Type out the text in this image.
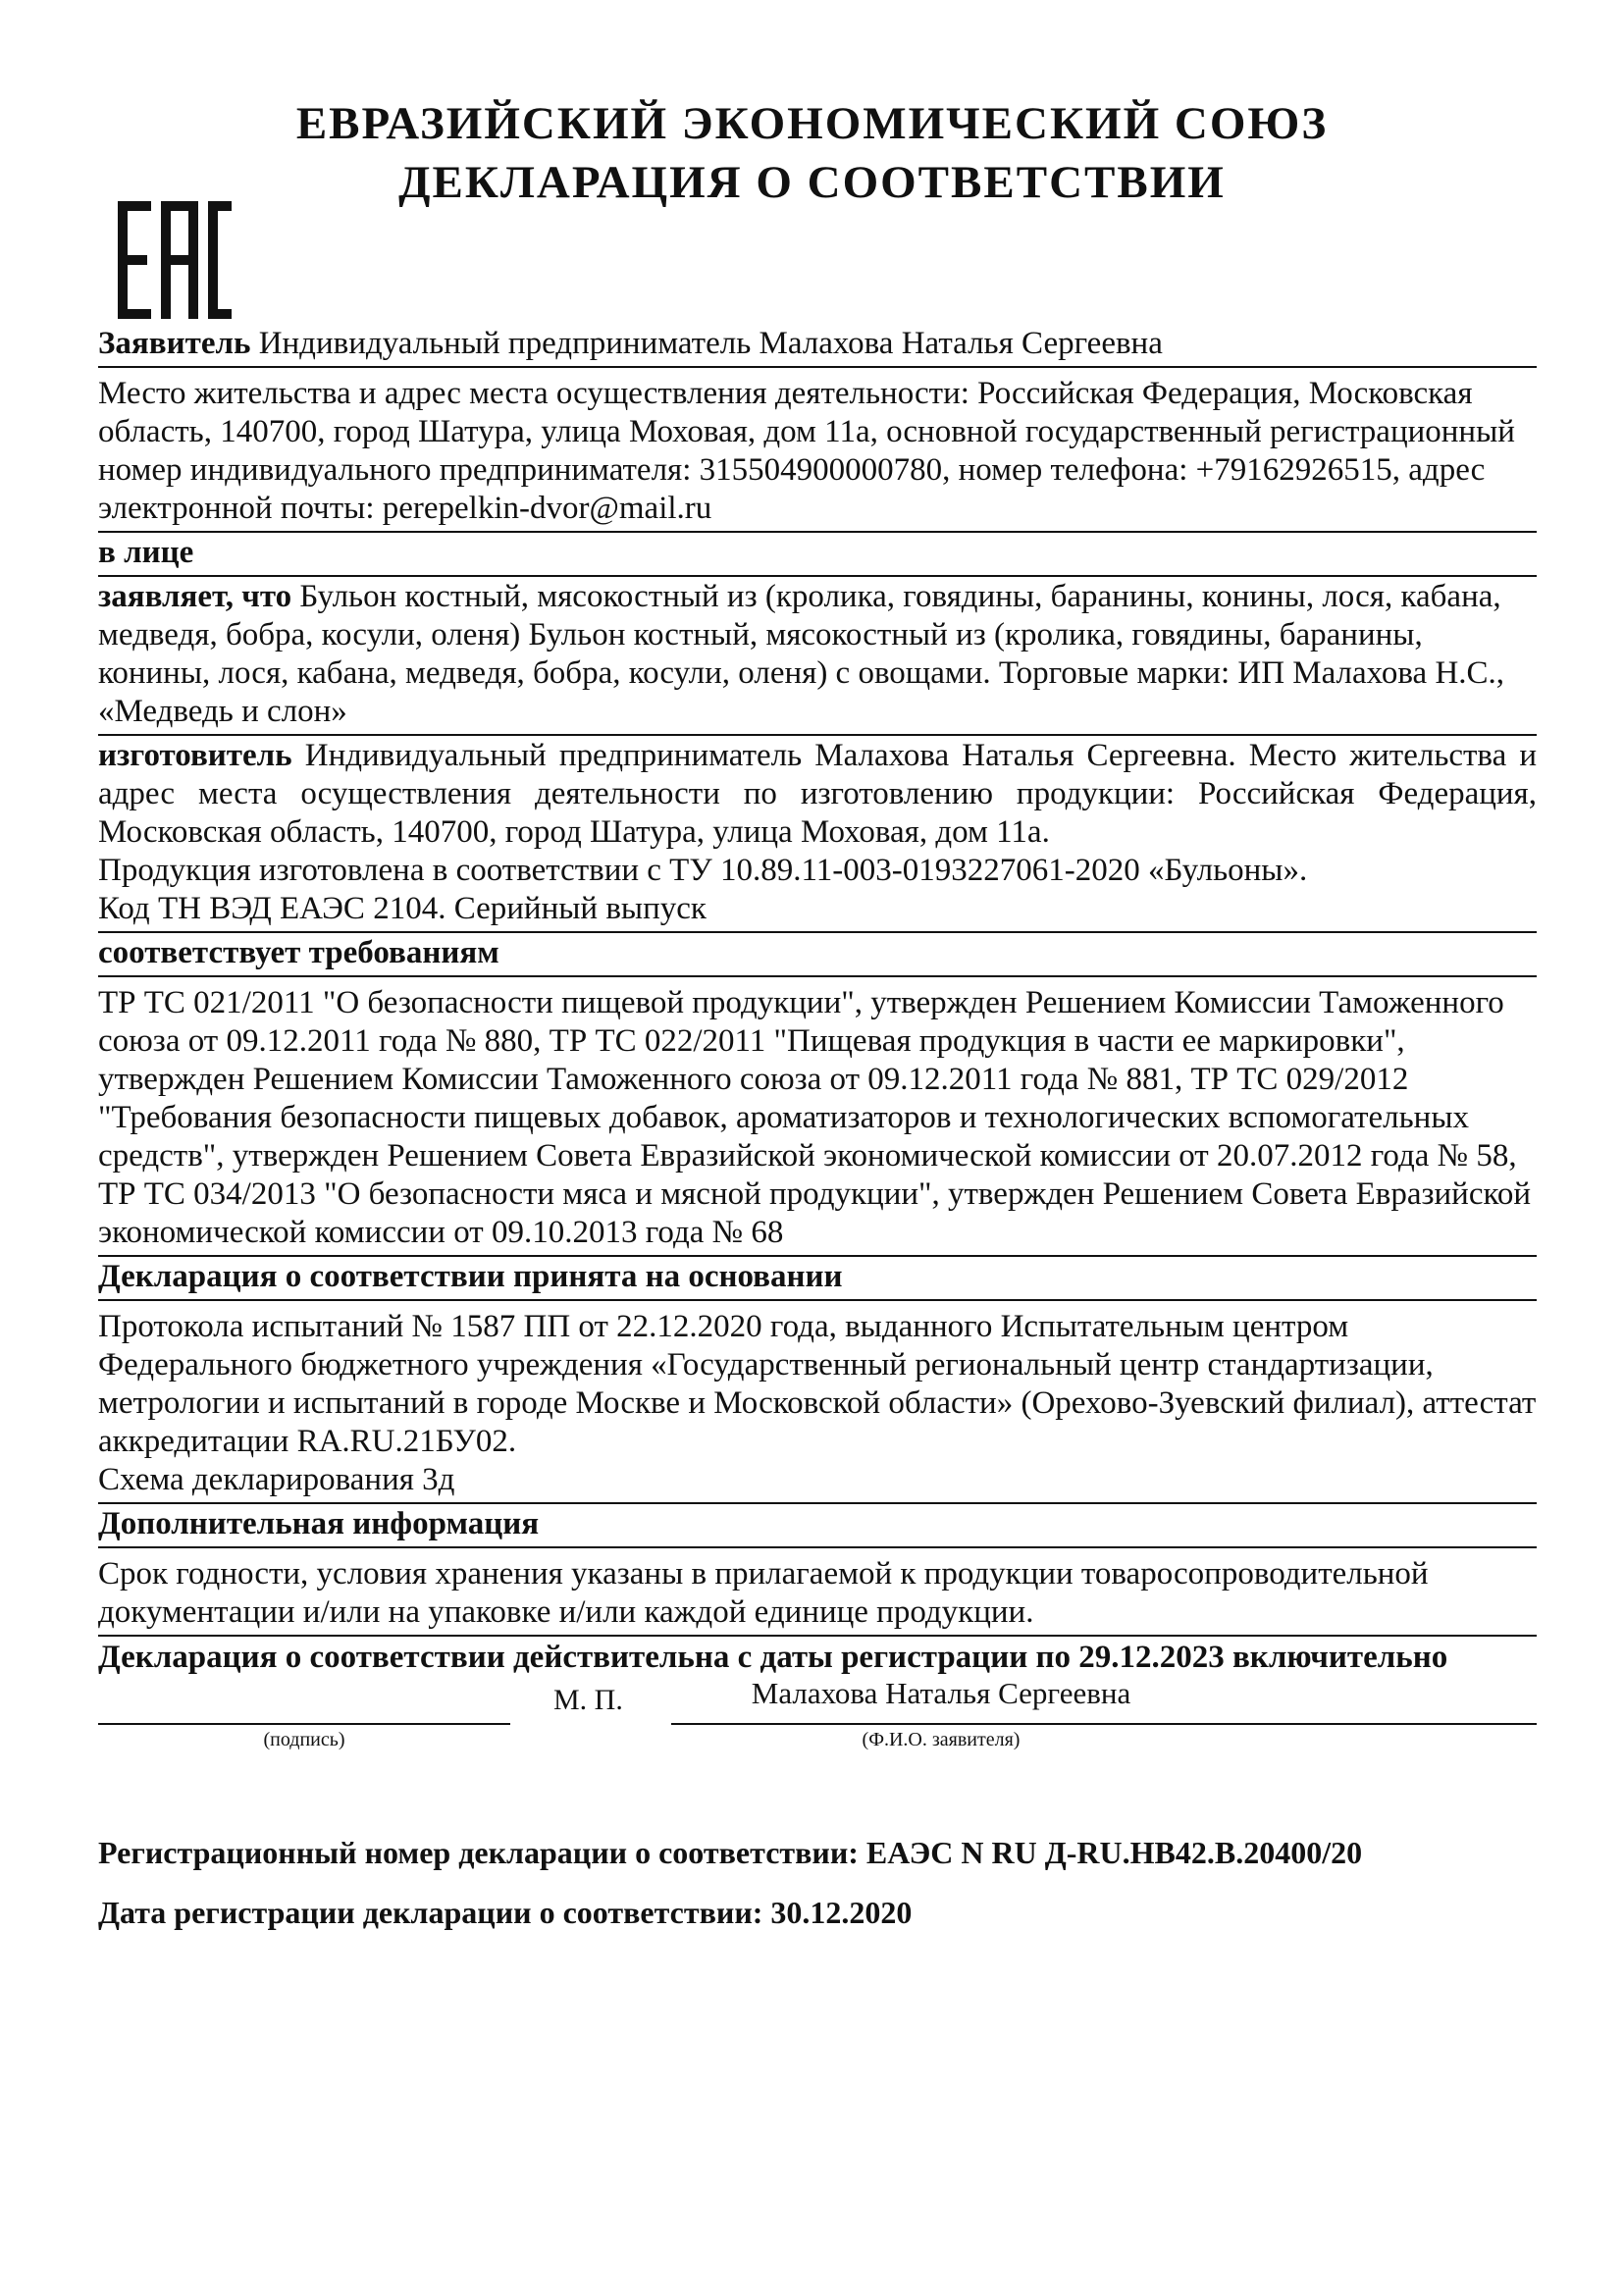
ЕВРАЗИЙСКИЙ ЭКОНОМИЧЕСКИЙ СОЮЗ
ДЕКЛАРАЦИЯ О СООТВЕТСТВИИ
Заявитель Индивидуальный предприниматель Малахова Наталья Сергеевна
Место жительства и адрес места осуществления деятельности: Российская Федерация, Московская область, 140700, город Шатура, улица Моховая, дом 11а, основной государственный регистрационный номер индивидуального предпринимателя: 315504900000780, номер телефона: +79162926515, адрес электронной почты: perepelkin-dvor@mail.ru
в лице
заявляет, что Бульон костный, мясокостный из (кролика, говядины, баранины, конины, лося, кабана, медведя, бобра, косули, оленя) Бульон костный, мясокостный из (кролика, говядины, баранины, конины, лося, кабана, медведя, бобра, косули, оленя) с овощами. Торговые марки: ИП Малахова Н.С., «Медведь и слон»
изготовитель Индивидуальный предприниматель Малахова Наталья Сергеевна. Место жительства и адрес места осуществления деятельности по изготовлению продукции: Российская Федерация, Московская область, 140700, город Шатура, улица Моховая, дом 11а.
Продукция изготовлена в соответствии с ТУ 10.89.11-003-0193227061-2020 «Бульоны».
Код ТН ВЭД ЕАЭС 2104. Серийный выпуск
соответствует требованиям
ТР ТС 021/2011 "О безопасности пищевой продукции", утвержден Решением Комиссии Таможенного союза от 09.12.2011 года № 880, ТР ТС 022/2011 "Пищевая продукция в части ее маркировки", утвержден Решением Комиссии Таможенного союза от 09.12.2011 года № 881, ТР ТС 029/2012 "Требования безопасности пищевых добавок, ароматизаторов и технологических вспомогательных средств", утвержден Решением Совета Евразийской экономической комиссии от 20.07.2012 года № 58, ТР ТС 034/2013 "О безопасности мяса и мясной продукции", утвержден Решением Совета Евразийской экономической комиссии от 09.10.2013 года № 68
Декларация о соответствии принята на основании
Протокола испытаний № 1587 ПП от 22.12.2020 года, выданного Испытательным центром Федерального бюджетного учреждения «Государственный региональный центр стандартизации, метрологии и испытаний в городе Москве и Московской области» (Орехово-Зуевский филиал), аттестат аккредитации RA.RU.21БУ02.
Схема декларирования 3д
Дополнительная информация
Срок годности, условия хранения указаны в прилагаемой к продукции товаросопроводительной документации и/или на упаковке и/или каждой единице продукции.
Декларация о соответствии действительна с даты регистрации по 29.12.2023 включительно
(подпись)
М. П.	Малахова Наталья Сергеевна
(Ф.И.О. заявителя)
Регистрационный номер декларации о соответствии: ЕАЭС N RU Д-RU.НВ42.В.20400/20
Дата регистрации декларации о соответствии: 30.12.2020
